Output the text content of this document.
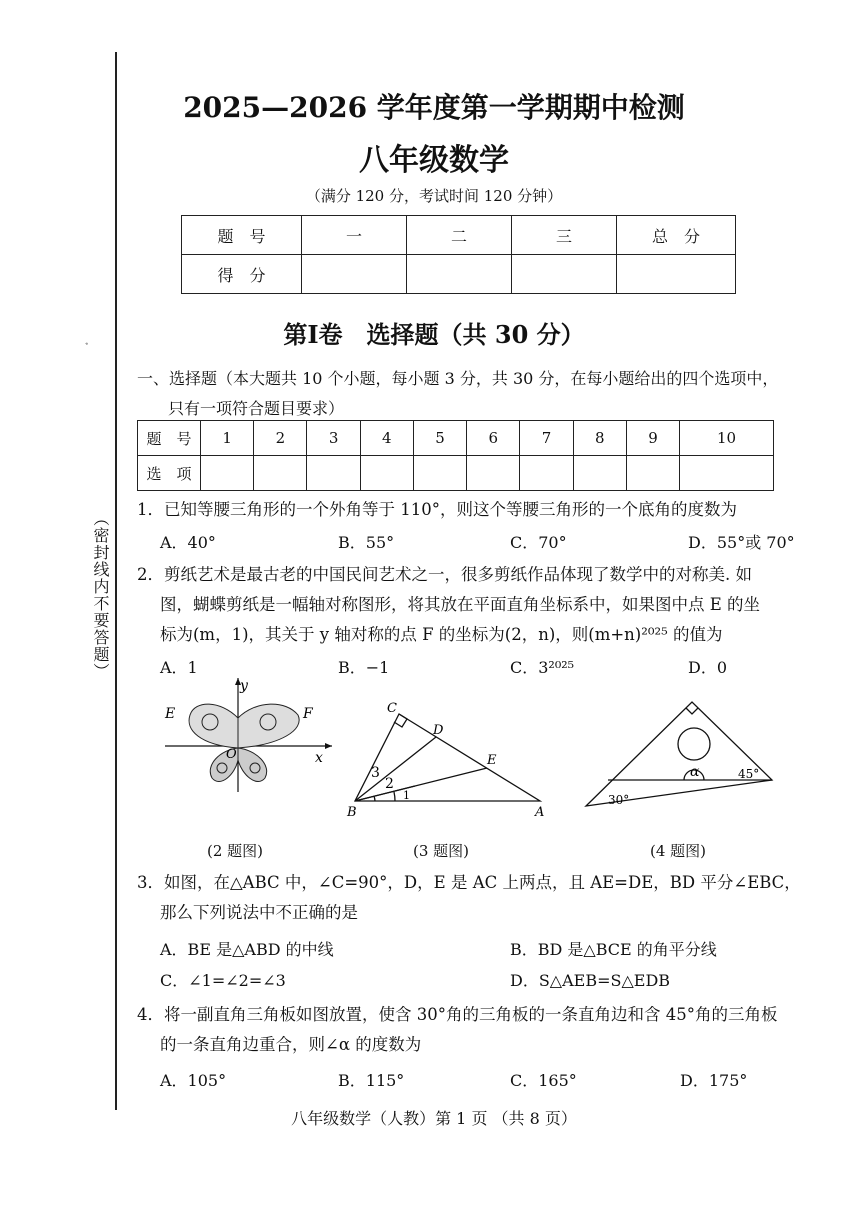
ﾞ
（密封线内不要答题）
2025—2026 学年度第一学期期中检测
八年级数学
（满分 120 分，考试时间 120 分钟）
题　号	一	二	三	总　分
得　分				
第Ⅰ卷　选择题（共 30 分）
一、选择题（本大题共 10 个小题，每小题 3 分，共 30 分，在每小题给出的四个选项中，
只有一项符合题目要求）
题　号	1	2	3	4	5	6	7	8	9	10
选　项										
1．已知等腰三角形的一个外角等于 110°，则这个等腰三角形的一个底角的度数为
A．40°	B．55°	C．70°	D．55°或 70°
2．剪纸艺术是最古老的中国民间艺术之一，很多剪纸作品体现了数学中的对称美. 如
图，蝴蝶剪纸是一幅轴对称图形，将其放在平面直角坐标系中，如果图中点 E 的坐
标为(m，1)，其关于 y 轴对称的点 F 的坐标为(2，n)，则(m+n)²⁰²⁵ 的值为
A．1	B．−1	C．3²⁰²⁵	D．0
y
x
E	F
O
(2 题图)
C
D
E
B	A
3
2
1
(3 题图)
α
30°
45°
(4 题图)
3．如图，在△ABC 中，∠C=90°，D，E 是 AC 上两点，且 AE=DE，BD 平分∠EBC，
那么下列说法中不正确的是
A．BE 是△ABD 的中线	B．BD 是△BCE 的角平分线
C．∠1=∠2=∠3	D．S△AEB=S△EDB
4．将一副直角三角板如图放置，使含 30°角的三角板的一条直角边和含 45°角的三角板
的一条直角边重合，则∠α 的度数为
A．105°	B．115°	C．165°	D．175°
八年级数学（人教）第 1 页 （共 8 页）
